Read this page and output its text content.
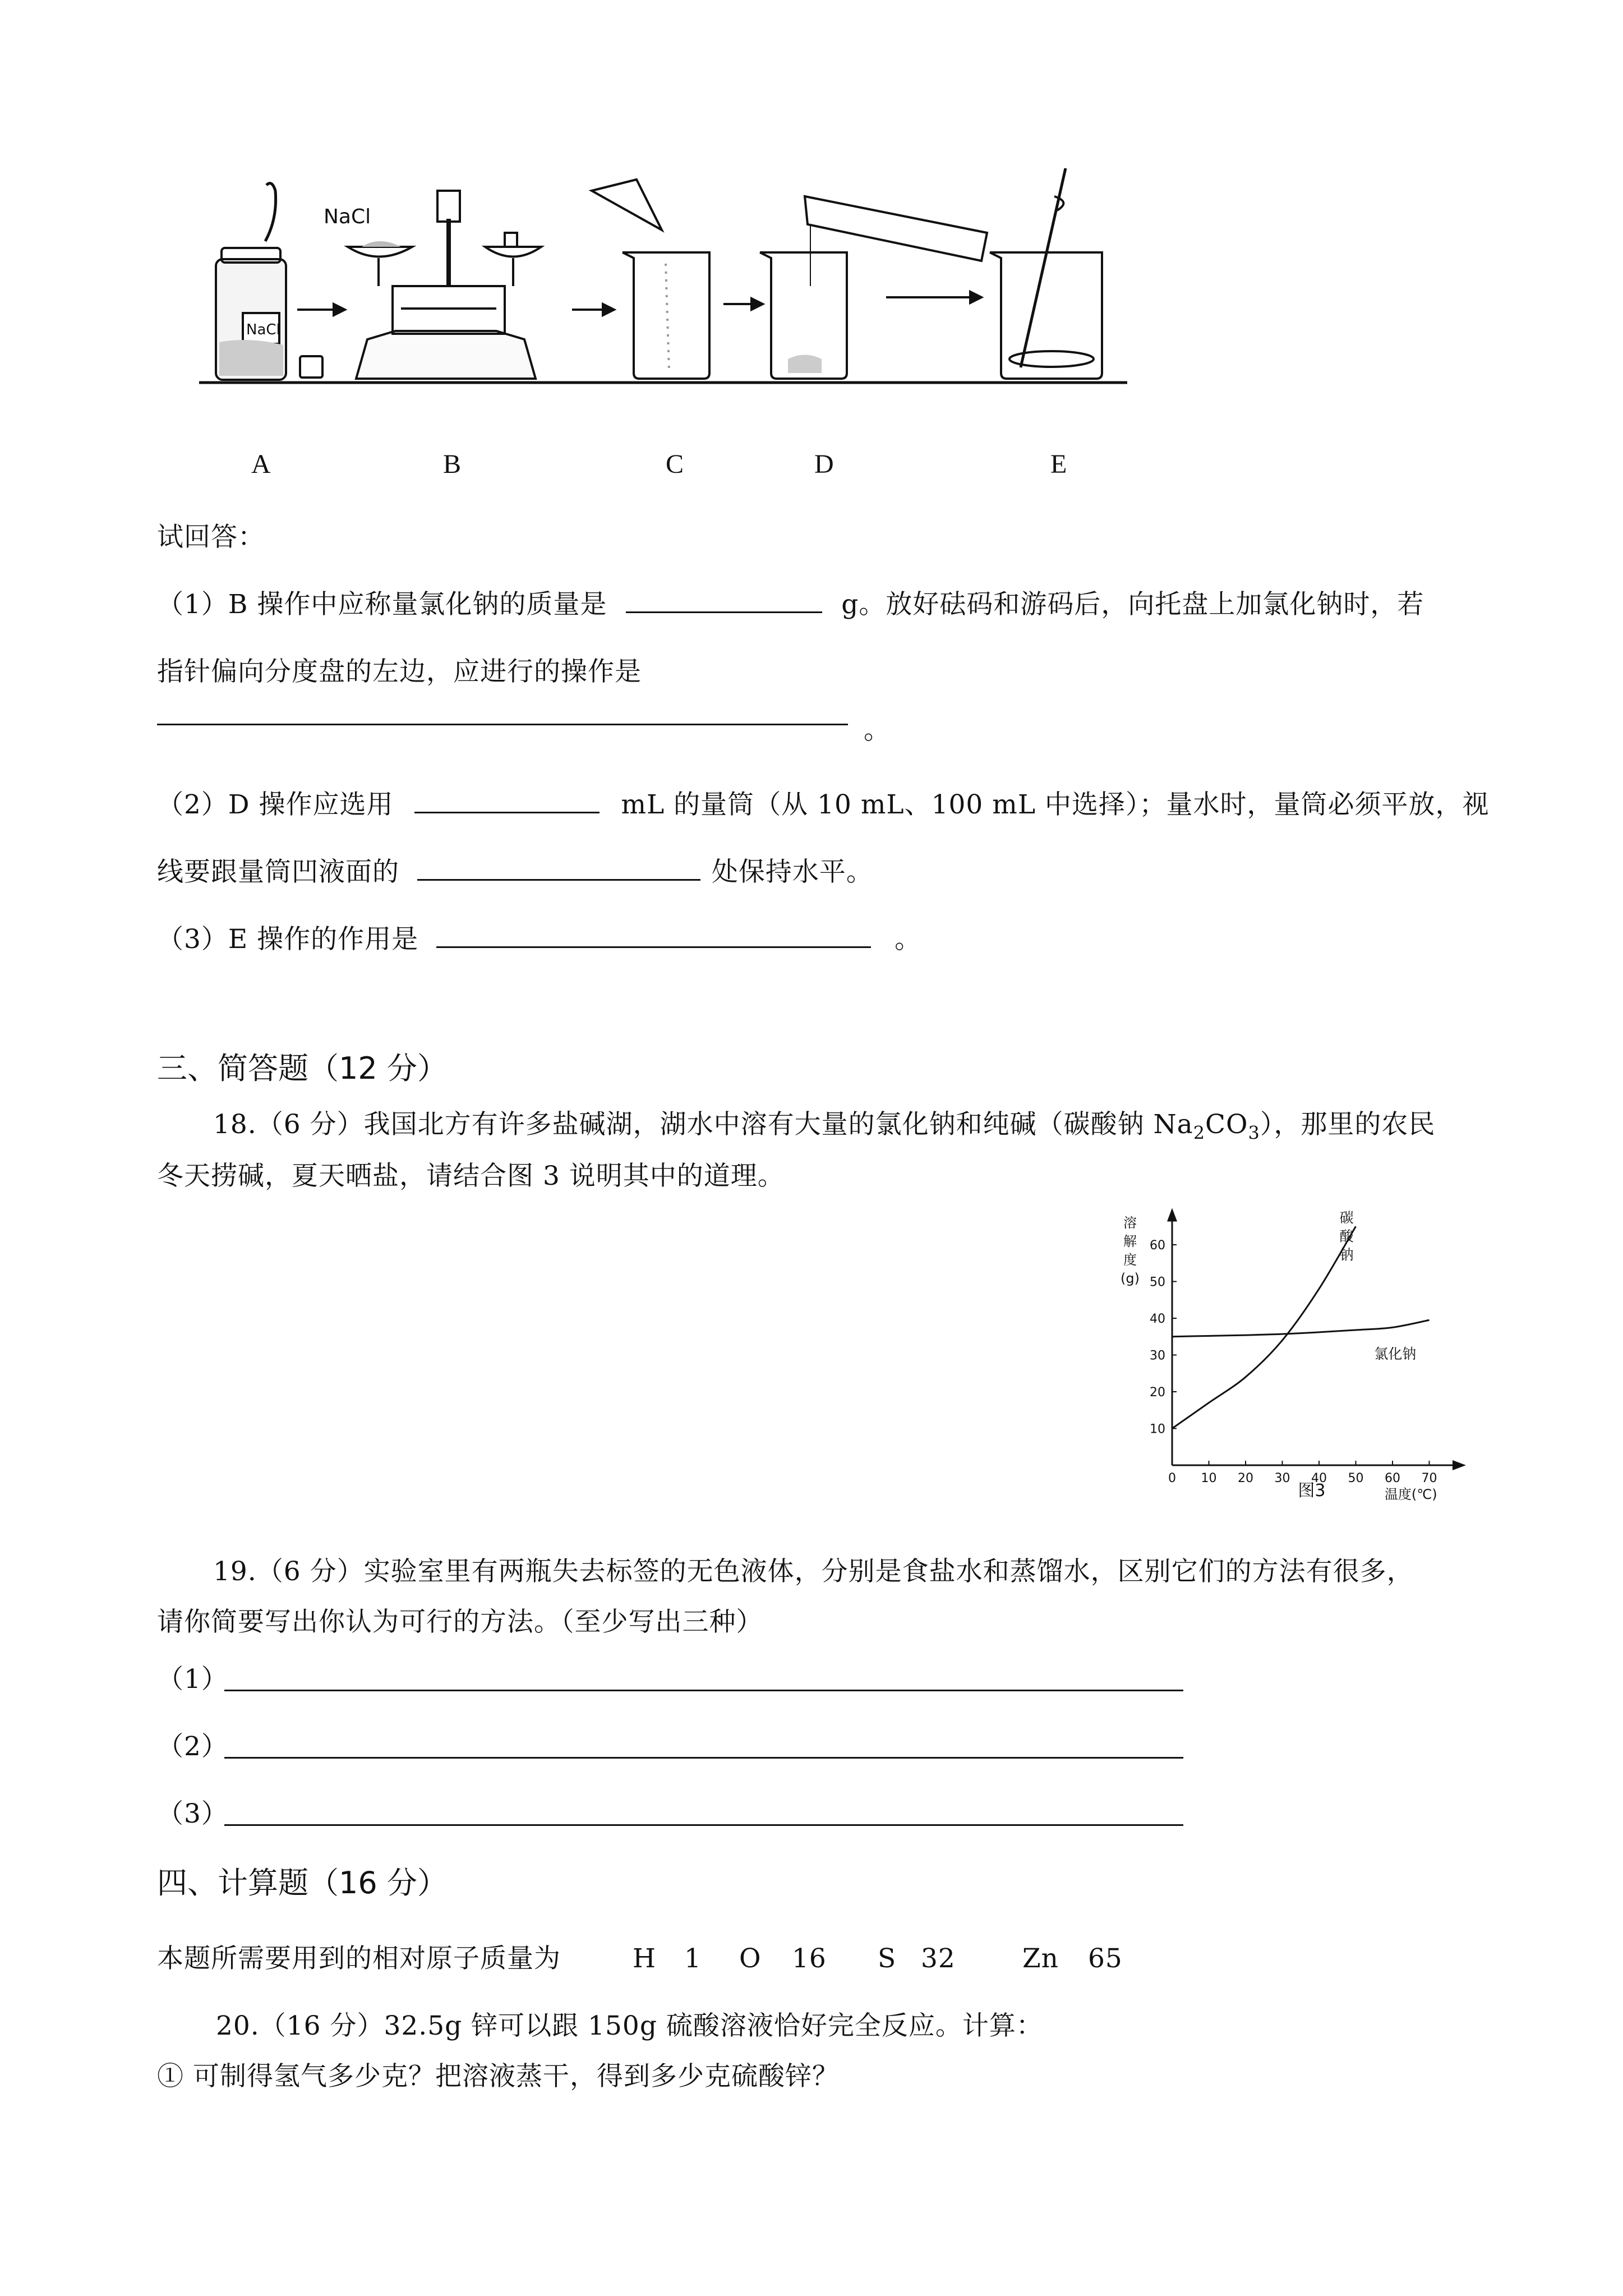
NaCl
NaCl
A	B	C	D	E
试回答：
（1）B 操作中应称量氯化钠的质量是	g。放好砝码和游码后，向托盘上加氯化钠时，若
指针偏向分度盘的左边，应进行的操作是
。
（2）D 操作应选用	mL 的量筒（从 10 mL、100 mL 中选择）；量水时，量筒必须平放，视
线要跟量筒凹液面的	处保持水平。
（3）E 操作的作用是	。
三、简答题（12 分）
18.（6 分）我国北方有许多盐碱湖，湖水中溶有大量的氯化钠和纯碱（碳酸钠 $Na_2CO_3$），那里的农民
冬天捞碱，夏天晒盐，请结合图 3 说明其中的道理。
0 10 20 30 40 50 60 70
10
20
30
40
50
60
溶
解
度
(g)
温度(℃)
图3
碳
酸
钠
氯化钠
19.（6 分）实验室里有两瓶失去标签的无色液体，分别是食盐水和蒸馏水，区别它们的方法有很多，
请你简要写出你认为可行的方法。（至少写出三种）
（1）
（2）
（3）
四、计算题（16 分）
本题所需要用到的相对原子质量为	H 1 O 16 S 32	Zn 65
20.（16 分）32.5g 锌可以跟 150g 硫酸溶液恰好完全反应。计算：
① 可制得氢气多少克？把溶液蒸干，得到多少克硫酸锌？
